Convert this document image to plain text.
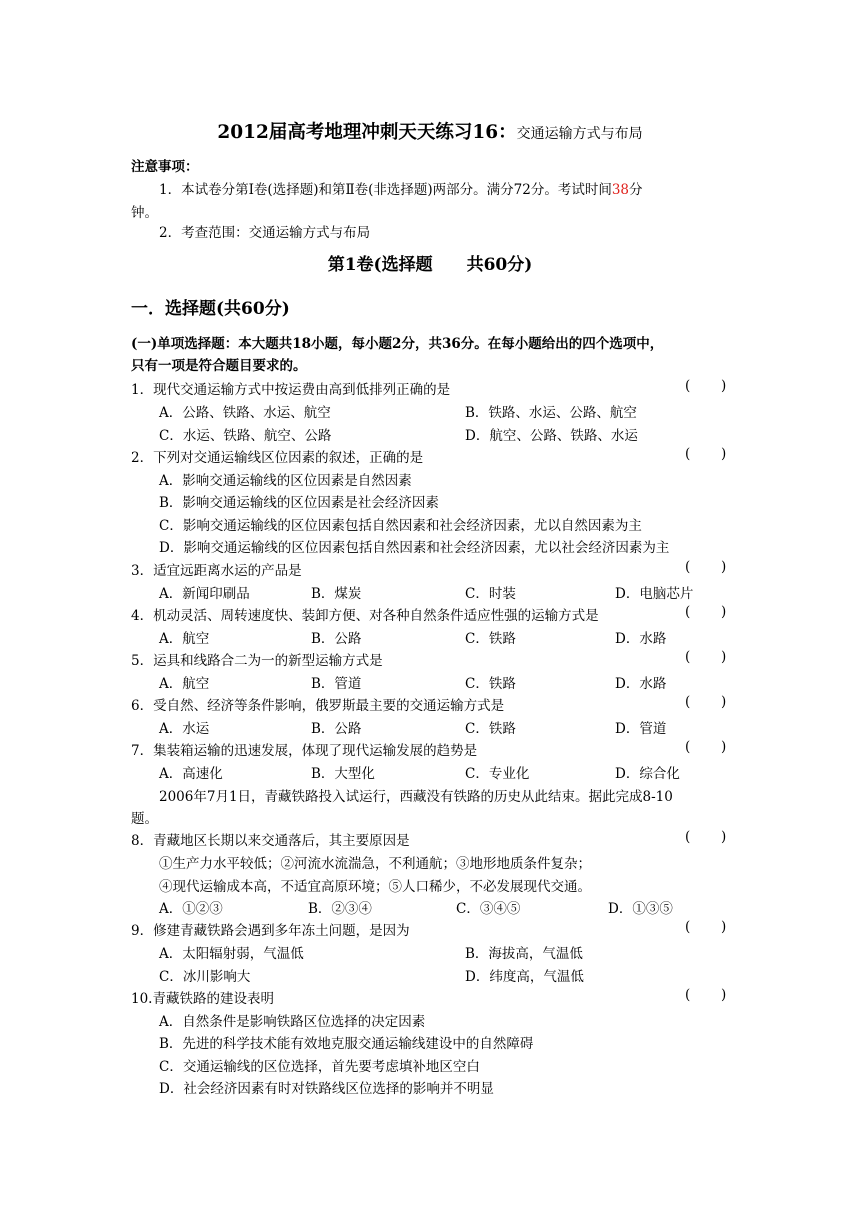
2012届高考地理冲刺天天练习16：交通运输方式与布局
注意事项：
1．本试卷分第Ⅰ卷(选择题)和第Ⅱ卷(非选择题)两部分。满分72分。考试时间38分
钟。
2．考查范围：交通运输方式与布局
第1卷(选择题　　共60分)
一．选择题(共60分)
(一)单项选择题：本大题共18小题，每小题2分，共36分。在每小题给出的四个选项中，
只有一项是符合题目要求的。
1．现代交通运输方式中按运费由高到低排列正确的是	( )
A．公路、铁路、水运、航空	B．铁路、水运、公路、航空
C．水运、铁路、航空、公路	D．航空、公路、铁路、水运
2．下列对交通运输线区位因素的叙述，正确的是	( )
A．影响交通运输线的区位因素是自然因素
B．影响交通运输线的区位因素是社会经济因素
C．影响交通运输线的区位因素包括自然因素和社会经济因素，尤以自然因素为主
D．影响交通运输线的区位因素包括自然因素和社会经济因素，尤以社会经济因素为主
3．适宜远距离水运的产品是	( )
A．新闻印刷品	B．煤炭	C．时装	D．电脑芯片
4．机动灵活、周转速度快、装卸方便、对各种自然条件适应性强的运输方式是	( )
A．航空	B．公路	C．铁路	D．水路
5．运具和线路合二为一的新型运输方式是	( )
A．航空	B．管道	C．铁路	D．水路
6．受自然、经济等条件影响，俄罗斯最主要的交通运输方式是	( )
A．水运	B．公路	C．铁路	D．管道
7．集装箱运输的迅速发展，体现了现代运输发展的趋势是	( )
A．高速化	B．大型化	C．专业化	D．综合化
2006年7月1日，青藏铁路投入试运行，西藏没有铁路的历史从此结束。据此完成8-10
题。
8．青藏地区长期以来交通落后，其主要原因是	( )
①生产力水平较低；②河流水流湍急，不利通航；③地形地质条件复杂；
④现代运输成本高，不适宜高原环境；⑤人口稀少，不必发展现代交通。
A．①②③	B．②③④	C．③④⑤	D．①③⑤
9．修建青藏铁路会遇到多年冻土问题，是因为	( )
A．太阳辐射弱，气温低	B．海拔高，气温低
C．冰川影响大	D．纬度高，气温低
10.青藏铁路的建设表明	( )
A．自然条件是影响铁路区位选择的决定因素
B．先进的科学技术能有效地克服交通运输线建设中的自然障碍
C．交通运输线的区位选择，首先要考虑填补地区空白
D．社会经济因素有时对铁路线区位选择的影响并不明显
